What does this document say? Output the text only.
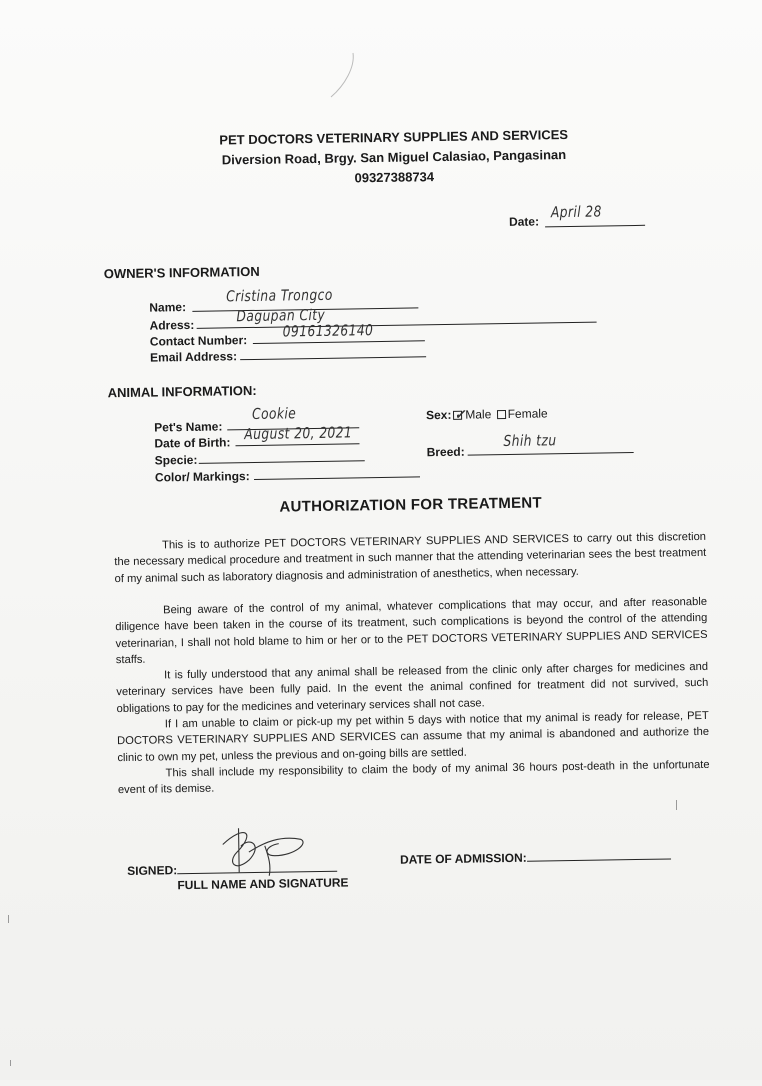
PET DOCTORS VETERINARY SUPPLIES AND SERVICES
Diversion Road, Brgy. San Miguel Calasiao, Pangasinan
09327388734
Date:
April 28
OWNER'S INFORMATION
Name:
Cristina Trongco
Adress:
Dagupan City
Contact Number:
09161326140
Email Address:
ANIMAL INFORMATION:
Pet's Name:
Cookie
Date of Birth: August 20, 2021
Specie:
Color/ Markings:
Sex: ✓Male Female
Breed:
Shih tzu
AUTHORIZATION FOR TREATMENT
This is to authorize PET DOCTORS VETERINARY SUPPLIES AND SERVICES to carry out this discretion the necessary medical procedure and treatment in such manner that the attending veterinarian sees the best treatment of my animal such as laboratory diagnosis and administration of anesthetics, when necessary.
Being aware of the control of my animal, whatever complications that may occur, and after reasonable diligence have been taken in the course of its treatment, such complications is beyond the control of the attending veterinarian, I shall not hold blame to him or her or to the PET DOCTORS VETERINARY SUPPLIES AND SERVICES staffs.
It is fully understood that any animal shall be released from the clinic only after charges for medicines and veterinary services have been fully paid. In the event the animal confined for treatment did not survived, such obligations to pay for the medicines and veterinary services shall not case.
If I am unable to claim or pick-up my pet within 5 days with notice that my animal is ready for release, PET DOCTORS VETERINARY SUPPLIES AND SERVICES can assume that my animal is abandoned and authorize the clinic to own my pet, unless the previous and on-going bills are settled.
This shall include my responsibility to claim the body of my animal 36 hours post-death in the unfortunate event of its demise.
SIGNED:
FULL NAME AND SIGNATURE
DATE OF ADMISSION:
